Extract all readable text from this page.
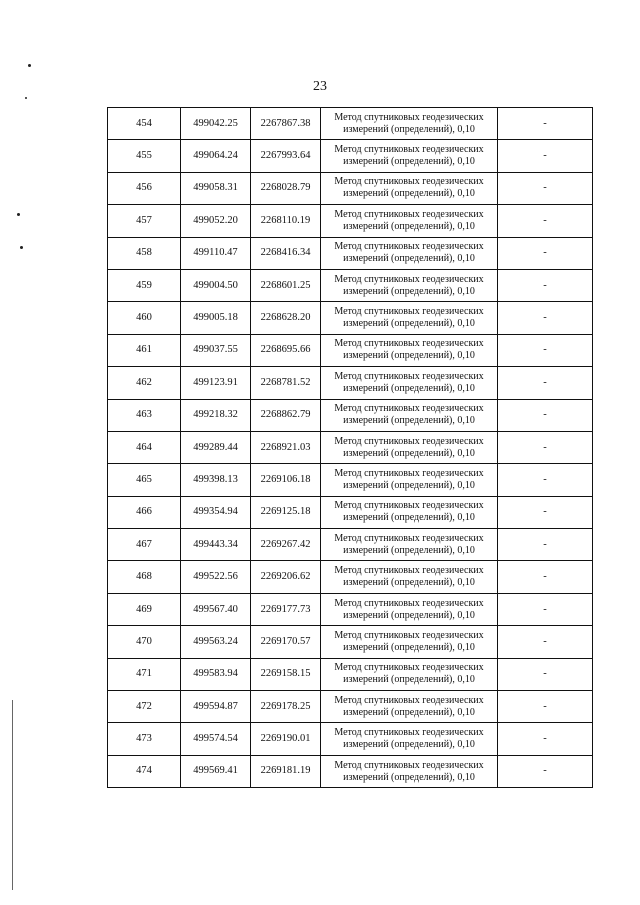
23
454	499042.25	2267867.38	Метод спутниковых геодезических
измерений (определений), 0,10	-
455	499064.24	2267993.64	Метод спутниковых геодезических
измерений (определений), 0,10	-
456	499058.31	2268028.79	Метод спутниковых геодезических
измерений (определений), 0,10	-
457	499052.20	2268110.19	Метод спутниковых геодезических
измерений (определений), 0,10	-
458	499110.47	2268416.34	Метод спутниковых геодезических
измерений (определений), 0,10	-
459	499004.50	2268601.25	Метод спутниковых геодезических
измерений (определений), 0,10	-
460	499005.18	2268628.20	Метод спутниковых геодезических
измерений (определений), 0,10	-
461	499037.55	2268695.66	Метод спутниковых геодезических
измерений (определений), 0,10	-
462	499123.91	2268781.52	Метод спутниковых геодезических
измерений (определений), 0,10	-
463	499218.32	2268862.79	Метод спутниковых геодезических
измерений (определений), 0,10	-
464	499289.44	2268921.03	Метод спутниковых геодезических
измерений (определений), 0,10	-
465	499398.13	2269106.18	Метод спутниковых геодезических
измерений (определений), 0,10	-
466	499354.94	2269125.18	Метод спутниковых геодезических
измерений (определений), 0,10	-
467	499443.34	2269267.42	Метод спутниковых геодезических
измерений (определений), 0,10	-
468	499522.56	2269206.62	Метод спутниковых геодезических
измерений (определений), 0,10	-
469	499567.40	2269177.73	Метод спутниковых геодезических
измерений (определений), 0,10	-
470	499563.24	2269170.57	Метод спутниковых геодезических
измерений (определений), 0,10	-
471	499583.94	2269158.15	Метод спутниковых геодезических
измерений (определений), 0,10	-
472	499594.87	2269178.25	Метод спутниковых геодезических
измерений (определений), 0,10	-
473	499574.54	2269190.01	Метод спутниковых геодезических
измерений (определений), 0,10	-
474	499569.41	2269181.19	Метод спутниковых геодезических
измерений (определений), 0,10	-
